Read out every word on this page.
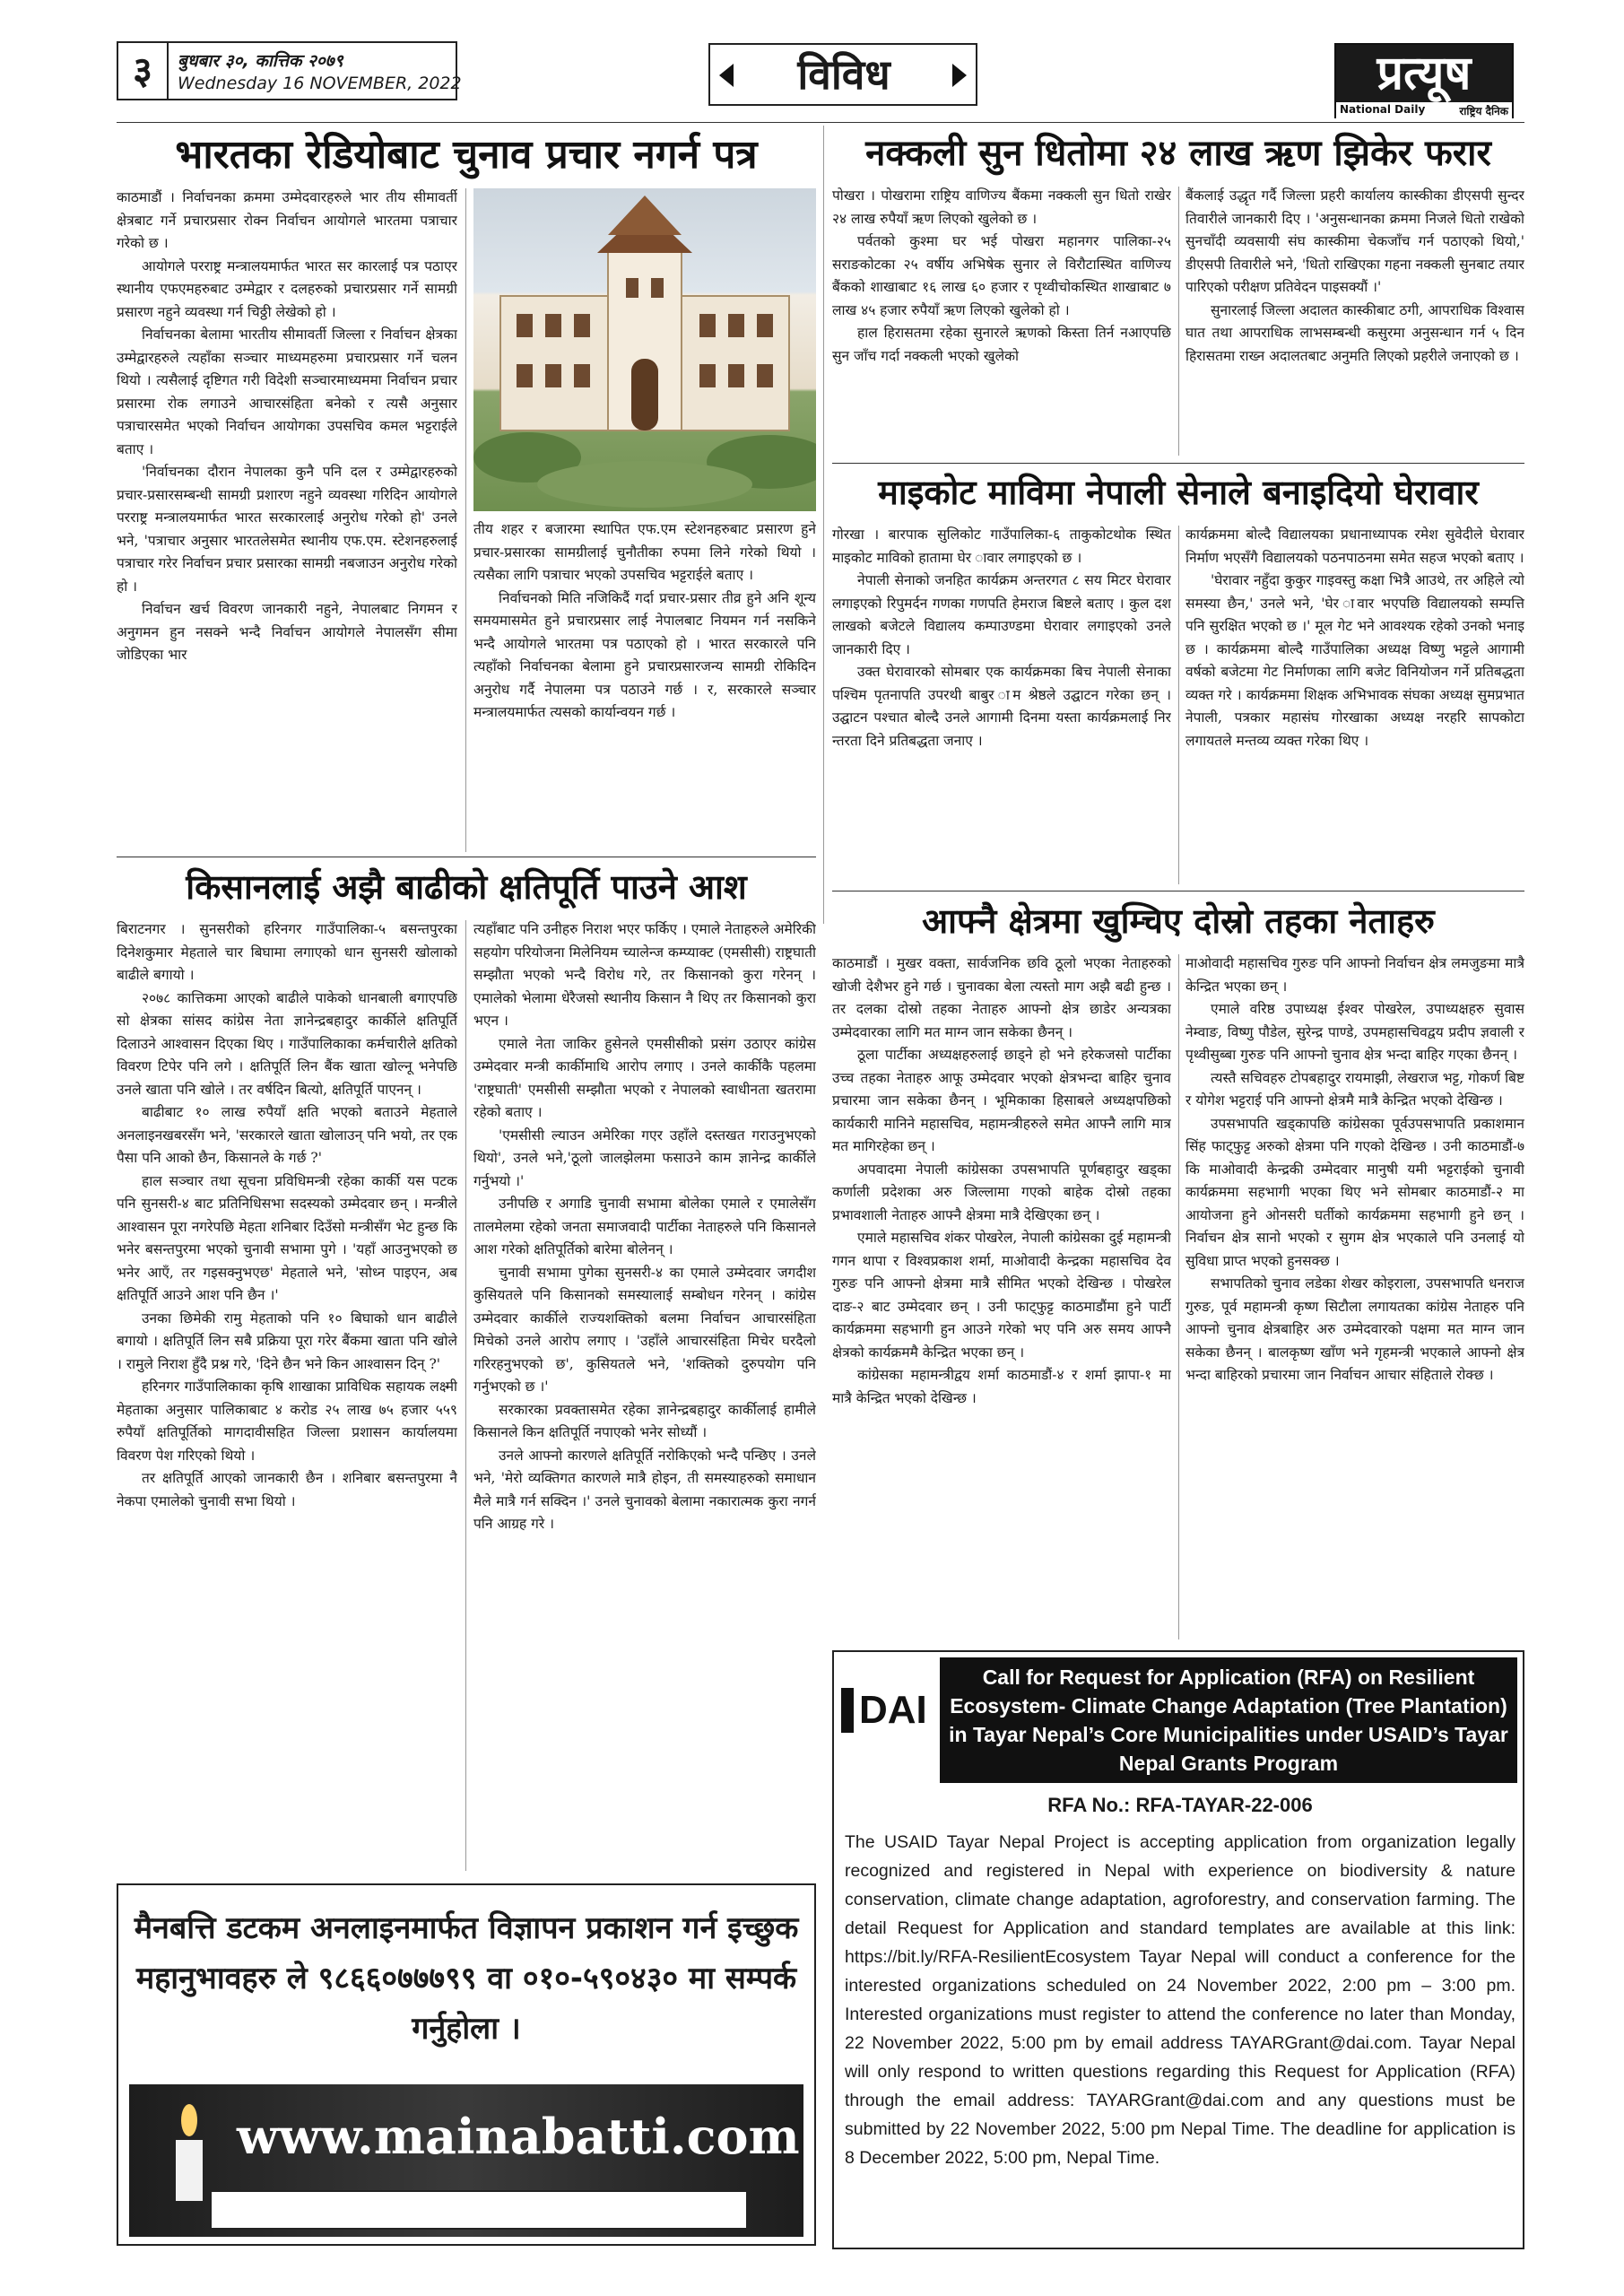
३	बुधबार ३०, कात्तिक २०७९
Wednesday 16 NOVEMBER, 2022	विविध	प्रत्यूष
National Daily	राष्ट्रिय दैनिक
भारतका रेडियोबाट चुनाव प्रचार नगर्न पत्र

काठमाडौं । निर्वाचनका क्रममा उम्मेदवारहरुले भार तीय सीमावर्ती क्षेत्रबाट गर्ने प्रचारप्रसार रोक्न निर्वाचन आयोगले भारतमा पत्राचार गरेको छ ।

आयोगले परराष्ट्र मन्त्रालयमार्फत भारत सर कारलाई पत्र पठाएर स्थानीय एफएमहरुबाट उम्मेद्वार र दलहरुको प्रचारप्रसार गर्ने सामग्री प्रसारण नहुने व्यवस्था गर्न चिठ्ठी लेखेको हो ।

निर्वाचनका बेलामा भारतीय सीमावर्ती जिल्ला र निर्वाचन क्षेत्रका उम्मेद्वारहरुले त्यहाँका सञ्चार माध्यमहरुमा प्रचारप्रसार गर्ने चलन थियो । त्यसैलाई दृष्टिगत गरी विदेशी सञ्चारमाध्यममा निर्वाचन प्रचार प्रसारमा रोक लगाउने आचारसंहिता बनेको र त्यसै अनुसार पत्राचारसमेत भएको निर्वाचन आयोगका उपसचिव कमल भट्टराईले बताए ।

'निर्वाचनका दौरान नेपालका कुनै पनि दल र उम्मेद्वारहरुको प्रचार-प्रसारसम्बन्धी सामग्री प्रशारण नहुने व्यवस्था गरिदिन आयोगले परराष्ट्र मन्त्रालयमार्फत भारत सरकारलाई अनुरोध गरेको हो' उनले भने, 'पत्राचार अनुसार भारतलेसमेत स्थानीय एफ.एम. स्टेशनहरुलाई पत्राचार गरेर निर्वाचन प्रचार प्रसारका सामग्री नबजाउन अनुरोध गरेको हो ।

निर्वाचन खर्च विवरण जानकारी नहुने, नेपालबाट निगमन र अनुगमन हुन नसक्ने भन्दै निर्वाचन आयोगले नेपालसँग सीमा जोडिएका भार

तीय शहर र बजारमा स्थापित एफ.एम स्टेशनहरुबाट प्रसारण हुने प्रचार-प्रसारका सामग्रीलाई चुनौतीका रुपमा लिने गरेको थियो । त्यसैका लागि पत्राचार भएको उपसचिव भट्टराईले बताए ।

निर्वाचनको मिति नजिकिदैं गर्दा प्रचार-प्रसार तीव्र हुने अनि शून्य समयमासमेत हुने प्रचारप्रसार लाई नेपालबाट नियमन गर्न नसकिने भन्दै आयोगले भारतमा पत्र पठाएको हो । भारत सरकारले पनि त्यहाँको निर्वाचनका बेलामा हुने प्रचारप्रसारजन्य सामग्री रोकिदिन अनुरोध गर्दै नेपालमा पत्र पठाउने गर्छ । र, सरकारले सञ्चार मन्त्रालयमार्फत त्यसको कार्यान्वयन गर्छ ।

नक्कली सुन धितोमा २४ लाख ऋण झिकेर फरार

पोखरा । पोखरामा राष्ट्रिय वाणिज्य बैंकमा नक्कली सुन धितो राखेर २४ लाख रुपैयाँ ऋण लिएको खुलेको छ ।

पर्वतको कुश्मा घर भई पोखरा महानगर पालिका-२५ सराङकोटका २५ वर्षीय अभिषेक सुनार ले विरौटास्थित वाणिज्य बैंकको शाखाबाट १६ लाख ६० हजार र पृथ्वीचोकस्थित शाखाबाट ७ लाख ४५ हजार रुपैयाँ ऋण लिएको खुलेको हो ।

हाल हिरासतमा रहेका सुनारले ऋणको किस्ता तिर्न नआएपछि सुन जाँच गर्दा नक्कली भएको खुलेको

बैंकलाई उद्धृत गर्दै जिल्ला प्रहरी कार्यालय कास्कीका डीएसपी सुन्दर तिवारीले जानकारी दिए । 'अनुसन्धानका क्रममा निजले धितो राखेको सुनचाँदी व्यवसायी संघ कास्कीमा चेकजाँच गर्न पठाएको थियो,' डीएसपी तिवारीले भने, 'धितो राखिएका गहना नक्कली सुनबाट तयार पारिएको परीक्षण प्रतिवेदन पाइसक्यौं ।'

सुनारलाई जिल्ला अदालत कास्कीबाट ठगी, आपराधिक विश्वास घात तथा आपराधिक लाभसम्बन्धी कसुरमा अनुसन्धान गर्न ५ दिन हिरासतमा राख्न अदालतबाट अनुमति लिएको प्रहरीले जनाएको छ ।

माइकोट माविमा नेपाली सेनाले बनाइदियो घेरावार

गोरखा । बारपाक सुलिकोट गाउँपालिका-६ ताकुकोटथोक स्थित माइकोट माविको हातामा घेर ावार लगाइएको छ ।

नेपाली सेनाको जनहित कार्यक्रम अन्तरगत ८ सय मिटर घेरावार लगाइएको रिपुमर्दन गणका गणपति हेमराज बिष्टले बताए । कुल दश लाखको बजेटले विद्यालय कम्पाउण्डमा घेरावार लगाइएको उनले जानकारी दिए ।

उक्त घेरावारको सोमबार एक कार्यक्रमका बिच नेपाली सेनाका पश्चिम पृतनापति उपरथी बाबुर ाम श्रेष्ठले उद्घाटन गरेका छन् । उद्घाटन पश्चात बोल्दै उनले आगामी दिनमा यस्ता कार्यक्रमलाई निर न्तरता दिने प्रतिबद्धता जनाए ।

कार्यक्रममा बोल्दै विद्यालयका प्रधानाध्यापक रमेश सुवेदीले घेरावार निर्माण भएसँगै विद्यालयको पठनपाठनमा समेत सहज भएको बताए ।

'घेरावार नहुँदा कुकुर गाइवस्तु कक्षा भित्रै आउथे, तर अहिले त्यो समस्या छैन,' उनले भने, 'घेर ावार भएपछि विद्यालयको सम्पत्ति पनि सुरक्षित भएको छ ।' मूल गेट भने आवश्यक रहेको उनको भनाइ छ । कार्यक्रममा बोल्दै गाउँपालिका अध्यक्ष विष्णु भट्टले आगामी वर्षको बजेटमा गेट निर्माणका लागि बजेट विनियोजन गर्ने प्रतिबद्धता व्यक्त गरे । कार्यक्रममा शिक्षक अभिभावक संघका अध्यक्ष सुमप्रभात नेपाली, पत्रकार महासंघ गोरखाका अध्यक्ष नरहरि सापकोटा लगायतले मन्तव्य व्यक्त गरेका थिए ।

किसानलाई अझै बाढीको क्षतिपूर्ति पाउने आश

बिराटनगर । सुनसरीको हरिनगर गाउँपालिका-५ बसन्तपुरका दिनेशकुमार मेहताले चार बिघामा लगाएको धान सुनसरी खोलाको बाढीले बगायो ।

२०७८ कात्तिकमा आएको बाढीले पाकेको धानबाली बगाएपछि सो क्षेत्रका सांसद कांग्रेस नेता ज्ञानेन्द्रबहादुर कार्कीले क्षतिपूर्ति दिलाउने आश्वासन दिएका थिए । गाउँपालिकाका कर्मचारीले क्षतिको विवरण टिपेर पनि लगे । क्षतिपूर्ति लिन बैंक खाता खोल्नू भनेपछि उनले खाता पनि खोले । तर वर्षदिन बित्यो, क्षतिपूर्ति पाएनन् ।

बाढीबाट १० लाख रुपैयाँ क्षति भएको बताउने मेहताले अनलाइनखबरसँग भने, 'सरकारले खाता खोलाउन् पनि भयो, तर एक पैसा पनि आको छैन, किसानले के गर्छ ?'

हाल सञ्चार तथा सूचना प्रविधिमन्त्री रहेका कार्की यस पटक पनि सुनसरी-४ बाट प्रतिनिधिसभा सदस्यको उम्मेदवार छन् । मन्त्रीले आश्वासन पूरा नगरेपछि मेहता शनिबार दिउँसो मन्त्रीसँग भेट हुन्छ कि भनेर बसन्तपुरमा भएको चुनावी सभामा पुगे । 'यहाँ आउनुभएको छ भनेर आएँ, तर गइसक्नुभएछ' मेहताले भने, 'सोध्न पाइएन, अब क्षतिपूर्ति आउने आश पनि छैन ।'

उनका छिमेकी रामु मेहताको पनि १० बिघाको धान बाढीले बगायो । क्षतिपूर्ति लिन सबै प्रक्रिया पूरा गरेर बैंकमा खाता पनि खोले । रामुले निराश हुँदै प्रश्न गरे, 'दिने छैन भने किन आश्वासन दिन् ?'

हरिनगर गाउँपालिकाका कृषि शाखाका प्राविधिक सहायक लक्ष्मी मेहताका अनुसार पालिकाबाट ४ करोड २५ लाख ७५ हजार ५५९ रुपैयाँ क्षतिपूर्तिको मागदावीसहित जिल्ला प्रशासन कार्यालयमा विवरण पेश गरिएको थियो ।

तर क्षतिपूर्ति आएको जानकारी छैन । शनिबार बसन्तपुरमा नै नेकपा एमालेको चुनावी सभा थियो ।

त्यहाँबाट पनि उनीहरु निराश भएर फर्किए । एमाले नेताहरुले अमेरिकी सहयोग परियोजना मिलेनियम च्यालेन्ज कम्प्याक्ट (एमसीसी) राष्ट्रघाती सम्झौता भएको भन्दै विरोध गरे, तर किसानको कुरा गरेनन् । एमालेको भेलामा धेरैजसो स्थानीय किसान नै थिए तर किसानको कुरा भएन ।

एमाले नेता जाकिर हुसेनले एमसीसीको प्रसंग उठाएर कांग्रेस उम्मेदवार मन्त्री कार्कीमाथि आरोप लगाए । उनले कार्कीकै पहलमा 'राष्ट्रघाती' एमसीसी सम्झौता भएको र नेपालको स्वाधीनता खतरामा रहेको बताए ।

'एमसीसी ल्याउन अमेरिका गएर उहाँले दस्तखत गराउनुभएको थियो', उनले भने,'ठूलो जालझेलमा फसाउने काम ज्ञानेन्द्र कार्कीले गर्नुभयो ।'

उनीपछि र अगाडि चुनावी सभामा बोलेका एमाले र एमालेसँग तालमेलमा रहेको जनता समाजवादी पार्टीका नेताहरुले पनि किसानले आश गरेको क्षतिपूर्तिको बारेमा बोलेनन् ।

चुनावी सभामा पुगेका सुनसरी-४ का एमाले उम्मेदवार जगदीश कुसियतले पनि किसानको समस्यालाई सम्बोधन गरेनन् । कांग्रेस उम्मेदवार कार्कीले राज्यशक्तिको बलमा निर्वाचन आचारसंहिता मिचेको उनले आरोप लगाए । 'उहाँले आचारसंहिता मिचेर घरदैलो गरिरहनुभएको छ', कुसियतले भने, 'शक्तिको दुरुपयोग पनि गर्नुभएको छ ।'

सरकारका प्रवक्तासमेत रहेका ज्ञानेन्द्रबहादुर कार्कीलाई हामीले किसानले किन क्षतिपूर्ति नपाएको भनेर सोध्यौं ।

उनले आफ्नो कारणले क्षतिपूर्ति नरोकिएको भन्दै पन्छिए । उनले भने, 'मेरो व्यक्तिगत कारणले मात्रै होइन, ती समस्याहरुको समाधान मैले मात्रै गर्न सक्दिन ।' उनले चुनावको बेलामा नकारात्मक कुरा नगर्न पनि आग्रह गरे ।

आफ्नै क्षेत्रमा खुम्चिए दोस्रो तहका नेताहरु

काठमाडौं । मुखर वक्ता, सार्वजनिक छवि ठूलो भएका नेताहरुको खोजी देशैभर हुने गर्छ । चुनावका बेला त्यस्तो माग अझै बढी हुन्छ । तर दलका दोस्रो तहका नेताहरु आफ्नो क्षेत्र छाडेर अन्यत्रका उम्मेदवारका लागि मत माग्न जान सकेका छैनन् ।

ठूला पार्टीका अध्यक्षहरुलाई छाड्ने हो भने हरेकजसो पार्टीका उच्च तहका नेताहरु आफू उम्मेदवार भएको क्षेत्रभन्दा बाहिर चुनाव प्रचारमा जान सकेका छैनन् । भूमिकाका हिसाबले अध्यक्षपछिको कार्यकारी मानिने महासचिव, महामन्त्रीहरुले समेत आफ्नै लागि मात्र मत मागिरहेका छन् ।

अपवादमा नेपाली कांग्रेसका उपसभापति पूर्णबहादुर खड्का कर्णाली प्रदेशका अरु जिल्लामा गएको बाहेक दोस्रो तहका प्रभावशाली नेताहरु आफ्नै क्षेत्रमा मात्रै देखिएका छन् ।

एमाले महासचिव शंकर पोखरेल, नेपाली कांग्रेसका दुई महामन्त्री गगन थापा र विश्वप्रकाश शर्मा, माओवादी केन्द्रका महासचिव देव गुरुङ पनि आफ्नो क्षेत्रमा मात्रै सीमित भएको देखिन्छ । पोखरेल दाङ-२ बाट उम्मेदवार छन् । उनी फाट्फुट्ट काठमाडौंमा हुने पार्टी कार्यक्रममा सहभागी हुन आउने गरेको भए पनि अरु समय आफ्नै क्षेत्रको कार्यक्रममै केन्द्रित भएका छन् ।

कांग्रेसका महामन्त्रीद्वय शर्मा काठमाडौं-४ र शर्मा झापा-१ मा मात्रै केन्द्रित भएको देखिन्छ ।

माओवादी महासचिव गुरुङ पनि आफ्नो निर्वाचन क्षेत्र लमजुङमा मात्रै केन्द्रित भएका छन् ।

एमाले वरिष्ठ उपाध्यक्ष ईश्वर पोखरेल, उपाध्यक्षहरु सुवास नेम्वाङ, विष्णु पौडेल, सुरेन्द्र पाण्डे, उपमहासचिवद्वय प्रदीप ज्ञवाली र पृथ्वीसुब्बा गुरुङ पनि आफ्नो चुनाव क्षेत्र भन्दा बाहिर गएका छैनन् ।

त्यस्तै सचिवहरु टोपबहादुर रायमाझी, लेखराज भट्ट, गोकर्ण बिष्ट र योगेश भट्टराई पनि आफ्नो क्षेत्रमै मात्रै केन्द्रित भएको देखिन्छ ।

उपसभापति खड्कापछि कांग्रेसका पूर्वउपसभापति प्रकाशमान सिंह फाट्फुट्ट अरुको क्षेत्रमा पनि गएको देखिन्छ । उनी काठमाडौं-७ कि माओवादी केन्द्रकी उम्मेदवार मानुषी यमी भट्टराईको चुनावी कार्यक्रममा सहभागी भएका थिए भने सोमबार काठमाडौं-२ मा आयोजना हुने ओनसरी घर्तीको कार्यक्रममा सहभागी हुने छन् । निर्वाचन क्षेत्र सानो भएको र सुगम क्षेत्र भएकाले पनि उनलाई यो सुविधा प्राप्त भएको हुनसक्छ ।

सभापतिको चुनाव लडेका शेखर कोइराला, उपसभापति धनराज गुरुङ, पूर्व महामन्त्री कृष्ण सिटौला लगायतका कांग्रेस नेताहरु पनि आफ्नो चुनाव क्षेत्रबाहिर अरु उम्मेदवारको पक्षमा मत माग्न जान सकेका छैनन् । बालकृष्ण खाँण भने गृहमन्त्री भएकाले आफ्नो क्षेत्र भन्दा बाहिरको प्रचारमा जान निर्वाचन आचार संहिताले रोक्छ ।

मैनबत्ति डटकम अनलाइनमार्फत विज्ञापन प्रकाशन गर्न इच्छुक महानुभावहरु ले ९८६६०७७७९९ वा ०१०-५९०४३० मा सम्पर्क गर्नुहोला ।
www.mainabatti.com
सत्य, तथ्य र निष्पक्ष समाचार हाम्रो प्रतिबद्धता
DAI
Call for Request for Application (RFA) on Resilient Ecosystem- Climate Change Adaptation (Tree Plantation) in Tayar Nepal’s Core Municipalities under USAID’s Tayar Nepal Grants Program
RFA No.: RFA-TAYAR-22-006
The USAID Tayar Nepal Project is accepting application from organization legally recognized and registered in Nepal with experience on biodiversity & nature conservation, climate change adaptation, agroforestry, and conservation farming. The detail Request for Application and standard templates are available at this link: https://bit.ly/RFA-ResilientEcosystem Tayar Nepal will conduct a conference for the interested organizations scheduled on 24 November 2022, 2:00 pm – 3:00 pm. Interested organizations must register to attend the conference no later than Monday, 22 November 2022, 5:00 pm by email address TAYARGrant@dai.com. Tayar Nepal will only respond to written questions regarding this Request for Application (RFA) through the email address: TAYARGrant@dai.com and any questions must be submitted by 22 November 2022, 5:00 pm Nepal Time. The deadline for application is 8 December 2022, 5:00 pm, Nepal Time.
